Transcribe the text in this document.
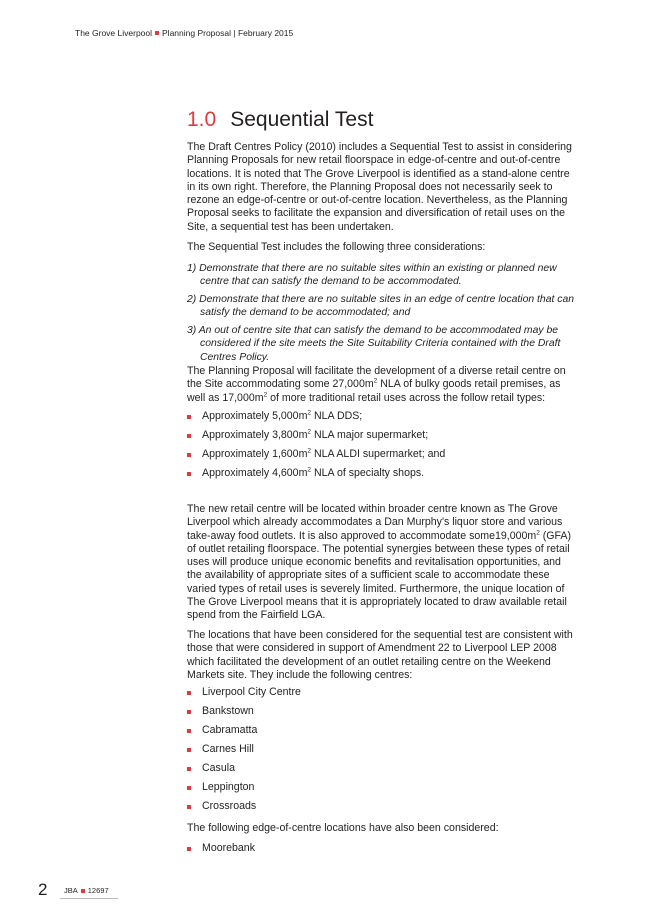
The Grove Liverpool Planning Proposal | February 2015
1.0 Sequential Test
The Draft Centres Policy (2010) includes a Sequential Test to assist in considering Planning Proposals for new retail floorspace in edge-of-centre and out-of-centre locations. It is noted that The Grove Liverpool is identified as a stand-alone centre in its own right. Therefore, the Planning Proposal does not necessarily seek to rezone an edge-of-centre or out-of-centre location. Nevertheless, as the Planning Proposal seeks to facilitate the expansion and diversification of retail uses on the Site, a sequential test has been undertaken.
The Sequential Test includes the following three considerations:
1) Demonstrate that there are no suitable sites within an existing or planned new centre that can satisfy the demand to be accommodated.
2) Demonstrate that there are no suitable sites in an edge of centre location that can satisfy the demand to be accommodated; and
3) An out of centre site that can satisfy the demand to be accommodated may be considered if the site meets the Site Suitability Criteria contained with the Draft Centres Policy.
The Planning Proposal will facilitate the development of a diverse retail centre on the Site accommodating some $27,000m^2$ NLA of bulky goods retail premises, as well as $17,000m^2$ of more traditional retail uses across the follow retail types:
Approximately $5,000m^2$ NLA DDS;
Approximately $3,800m^2$ NLA major supermarket;
Approximately $1,600m^2$ NLA ALDI supermarket; and
Approximately $4,600m^2$ NLA of specialty shops.
The new retail centre will be located within broader centre known as The Grove Liverpool which already accommodates a Dan Murphy's liquor store and various take-away food outlets. It is also approved to accommodate $some19,000m^2$ (GFA) of outlet retailing floorspace. The potential synergies between these types of retail uses will produce unique economic benefits and revitalisation opportunities, and the availability of appropriate sites of a sufficient scale to accommodate these varied types of retail uses is severely limited. Furthermore, the unique location of The Grove Liverpool means that it is appropriately located to draw available retail spend from the Fairfield LGA.
The locations that have been considered for the sequential test are consistent with those that were considered in support of Amendment 22 to Liverpool LEP 2008 which facilitated the development of an outlet retailing centre on the Weekend Markets site. They include the following centres:
Liverpool City Centre
Bankstown
Cabramatta
Carnes Hill
Casula
Leppington
Crossroads
The following edge-of-centre locations have also been considered:
Moorebank
2 JBA 12697
